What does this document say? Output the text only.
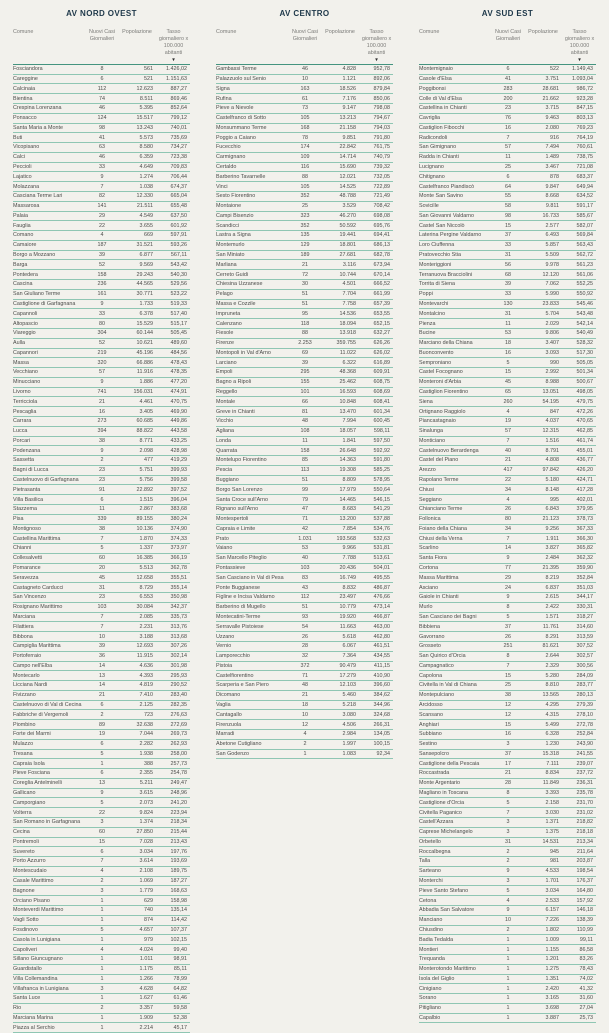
AV NORD OVEST
Comune	Nuovi Casi Giornalieri
Popolazione	Tasso giornaliero x 100.000 abitanti
▼
Fosciandora	8	561	1.426,02
Careggine	6	521	1.151,63
Calcinaia	112	12.623	887,27
Bientina	74	8.511	869,46
Crespina Lorenzana	46	5.395	852,64
Ponsacco	124	15.517	799,12
Santa Maria a Monte	98	13.243	740,01
Buti	41	5.573	735,69
Vicopisano	63	8.580	734,27
Calci	46	6.359	723,38
Peccioli	33	4.649	709,83
Lajatico	9	1.274	706,44
Molazzana	7	1.038	674,37
Casciana Terme Lari	82	12.330	665,04
Massarosa	141	21.511	655,48
Palaia	29	4.549	637,50
Fauglia	22	3.655	601,92
Comano	4	669	597,91
Camaiore	187	31.521	593,26
Borgo a Mozzano	39	6.877	567,11
Barga	52	9.569	543,42
Pontedera	158	29.243	540,30
Cascina	236	44.565	529,56
San Giuliano Terme	161	30.771	523,22
Castiglione di Garfagnana	9	1.733	519,33
Capannoli	33	6.378	517,40
Altopascio	80	15.529	515,17
Viareggio	304	60.144	505,45
Aulla	52	10.621	489,60
Capannori	219	45.196	484,56
Massa	320	66.886	478,43
Vecchiano	57	11.916	478,35
Minucciano	9	1.886	477,20
Livorno	741	156.031	474,91
Terricciola	21	4.461	470,75
Pescaglia	16	3.405	469,90
Carrara	273	60.685	449,86
Lucca	394	88.822	443,58
Porcari	38	8.771	433,25
Podenzana	9	2.098	428,98
Sassetta	2	477	419,29
Bagni di Lucca	23	5.751	399,93
Castelnuovo di Garfagnana	23	5.756	399,58
Pietrasanta	91	22.892	397,52
Villa Basilica	6	1.515	396,04
Stazzema	11	2.867	383,68
Pisa	339	89.155	380,24
Montignoso	38	10.136	374,90
Castellina Marittima	7	1.870	374,33
Chianni	5	1.337	373,97
Collesalvetti	60	16.385	366,19
Pomarance	20	5.513	362,78
Seravezza	45	12.658	355,51
Castagneto Carducci	31	8.729	355,14
San Vincenzo	23	6.553	350,98
Rosignano Marittimo	103	30.084	342,37
Marciana	7	2.085	335,73
Filattiera	7	2.231	313,76
Bibbona	10	3.188	313,68
Campiglia Marittima	39	12.693	307,26
Portoferraio	36	11.915	302,14
Campo nell'Elba	14	4.636	301,98
Montecarlo	13	4.393	295,93
Licciana Nardi	14	4.819	290,52
Fivizzano	21	7.410	283,40
Castelnuovo di Val di Cecina	6	2.125	282,35
Fabbriche di Vergemoli	2	723	276,63
Piombino	89	32.638	272,69
Forte dei Marmi	19	7.044	269,73
Mulazzo	6	2.282	262,93
Tresana	5	1.938	258,00
Capraia Isola	1	388	257,73
Pieve Fosciana	6	2.355	254,78
Coreglia Antelminelli	13	5.211	249,47
Gallicano	9	3.615	248,96
Camporgiano	5	2.073	241,20
Volterra	22	9.824	223,94
San Romano in Garfagnana	3	1.374	218,34
Cecina	60	27.850	215,44
Pontremoli	15	7.028	213,43
Suvereto	6	3.034	197,76
Porto Azzurro	7	3.614	193,69
Montescudaio	4	2.108	189,75
Casale Marittimo	2	1.069	187,27
Bagnone	3	1.779	168,63
Orciano Pisano	1	629	158,98
Monteverdi Marittimo	1	740	135,14
Vagli Sotto	1	874	114,42
Fosdinovo	5	4.657	107,37
Casola in Lunigiana	1	979	102,15
Capoliveri	4	4.024	99,40
Sillano Giuncugnano	1	1.011	98,91
Guardistallo	1	1.175	85,11
Villa Collemandina	1	1.266	78,99
Villafranca in Lunigiana	3	4.628	64,82
Santa Luce	1	1.627	61,46
Rio	2	3.357	59,58
Marciana Marina	1	1.909	52,38
Piazza al Serchio	1	2.214	45,17
AV CENTRO
Comune	Nuovi Casi Giornalieri
Popolazione	Tasso giornaliero x 100.000 abitanti
▼
Gambassi Terme	46	4.828	952,78
Palazzuolo sul Senio	10	1.121	892,06
Signa	163	18.526	879,84
Rufina	61	7.176	850,06
Pieve a Nievole	73	9.147	798,08
Castelfranco di Sotto	105	13.213	794,67
Monsummano Terme	168	21.158	794,03
Poggio a Caiano	78	9.851	791,80
Fucecchio	174	22.842	761,75
Carmignano	109	14.714	740,79
Certaldo	116	15.690	739,32
Barberino Tavarnelle	88	12.021	732,05
Vinci	105	14.525	722,89
Sesto Fiorentino	352	48.788	721,49
Montaione	25	3.529	708,42
Campi Bisenzio	323	46.270	698,08
Scandicci	352	50.592	695,76
Lastra a Signa	135	19.441	694,41
Montemurlo	129	18.801	686,13
San Miniato	189	27.681	682,78
Marliana	21	3.116	673,94
Cerreto Guidi	72	10.744	670,14
Chiesina Uzzanese	30	4.501	666,52
Pelago	51	7.704	661,99
Massa e Cozzile	51	7.758	657,39
Impruneta	95	14.536	653,55
Calenzano	118	18.094	652,15
Fiesole	88	13.918	632,27
Firenze	2.253	359.755	626,26
Montopoli in Val d'Arno	69	11.022	626,02
Larciano	39	6.322	616,89
Empoli	295	48.368	609,91
Bagno a Ripoli	155	25.462	608,75
Reggello	101	16.593	608,69
Montale	66	10.848	608,41
Greve in Chianti	81	13.470	601,34
Vicchio	48	7.994	600,45
Agliana	108	18.057	598,11
Londa	11	1.841	597,50
Quarrata	158	26.648	592,92
Montelupo Fiorentino	85	14.363	591,80
Pescia	113	19.308	585,25
Buggiano	51	8.809	578,95
Borgo San Lorenzo	99	17.979	550,64
Santa Croce sull'Arno	79	14.465	546,15
Rignano sull'Arno	47	8.683	541,29
Montespertoli	71	13.200	537,88
Capraia e Limite	42	7.854	534,76
Prato	1.031	193.568	532,63
Vaiano	53	9.966	531,81
San Marcello Piteglio	40	7.788	513,61
Pontassieve	103	20.436	504,01
San Casciano in Val di Pesa	83	16.749	495,55
Ponte Buggianese	43	8.832	486,87
Figline e Incisa Valdarno	112	23.497	476,66
Barberino di Mugello	51	10.779	473,14
Montecatini-Terme	93	19.920	466,87
Serravalle Pistoiese	54	11.663	463,00
Uzzano	26	5.618	462,80
Vernio	28	6.067	461,51
Lamporecchio	32	7.364	434,55
Pistoia	372	90.479	411,15
Castelfiorentino	71	17.279	410,90
Scarperia e San Piero	48	12.103	396,60
Dicomano	21	5.460	384,62
Vaglia	18	5.218	344,96
Cantagallo	10	3.080	324,68
Firenzuola	12	4.506	266,31
Marradi	4	2.984	134,05
Abetone Cutigliano	2	1.997	100,15
San Godenzo	1	1.083	92,34
AV SUD EST
Comune	Nuovi Casi Giornalieri
Popolazione	Tasso giornaliero x 100.000 abitanti
▼
Montemignaio	6	522	1.149,43
Casole d'Elsa	41	3.751	1.093,04
Poggibonsi	283	28.681	986,72
Colle di Val d'Elsa	200	21.662	923,28
Castellina in Chianti	23	3.715	847,15
Cavriglia	76	9.463	803,13
Castiglion Fibocchi	16	2.080	769,23
Radicondoli	7	916	764,19
San Gimignano	57	7.494	760,61
Radda in Chianti	11	1.489	738,75
Lucignano	25	3.467	721,08
Chitignano	6	878	683,37
Castelfranco Piandiscò	64	9.847	649,94
Monte San Savino	55	8.668	634,52
Sovicille	58	9.811	591,17
San Giovanni Valdarno	98	16.733	585,67
Castel San Niccolò	15	2.577	582,07
Laterina Pergine Valdarno	37	6.493	569,84
Loro Ciuffenna	33	5.857	563,43
Pratovecchio Stia	31	5.509	562,72
Monteriggioni	56	9.978	561,23
Terranuova Bracciolini	68	12.120	561,06
Torrita di Siena	39	7.062	552,25
Poppi	33	5.990	550,92
Montevarchi	130	23.833	545,46
Montalcino	31	5.704	543,48
Pienza	11	2.029	542,14
Bucine	53	9.806	540,49
Marciano della Chiana	18	3.407	528,32
Buonconvento	16	3.093	517,30
Semproniano	5	990	505,05
Castel Focognano	15	2.992	501,34
Monteroni d'Arbia	45	8.988	500,67
Castiglion Fiorentino	65	13.051	498,05
Siena	260	54.195	479,75
Ortignano Raggiolo	4	847	472,26
Piancastagnaio	19	4.037	470,65
Sinalunga	57	12.315	462,85
Monticiano	7	1.516	461,74
Castelnuovo Berardenga	40	8.791	455,01
Castel del Piano	21	4.808	436,77
Arezzo	417	97.842	426,20
Rapolano Terme	22	5.180	424,71
Chiusi	34	8.148	417,28
Seggiano	4	995	402,01
Chianciano Terme	26	6.843	379,95
Follonica	80	21.123	378,73
Foiano della Chiana	34	9.256	367,33
Chiusi della Verna	7	1.911	366,30
Scarlino	14	3.827	365,82
Santa Fiora	9	2.484	362,32
Cortona	77	21.395	359,90
Massa Marittima	29	8.219	352,84
Asciano	24	6.837	351,03
Gaiole in Chianti	9	2.615	344,17
Murlo	8	2.422	330,31
San Casciano dei Bagni	5	1.571	318,27
Bibbiena	37	11.761	314,60
Gavorrano	26	8.291	313,59
Grosseto	251	81.621	307,52
San Quirico d'Orcia	8	2.644	302,57
Campagnatico	7	2.329	300,56
Capolona	15	5.280	284,09
Civitella in Val di Chiana	25	8.810	283,77
Montepulciano	38	13.565	280,13
Arcidosso	12	4.295	279,39
Scansano	12	4.315	278,10
Anghiari	15	5.499	272,78
Subbiano	16	6.328	252,84
Sestino	3	1.230	243,90
Sansepolcro	37	15.318	241,55
Castiglione della Pescaia	17	7.111	239,07
Roccastrada	21	8.834	237,72
Monte Argentario	28	11.849	236,31
Magliano in Toscana	8	3.393	235,78
Castiglione d'Orcia	5	2.158	231,70
Civitella Paganico	7	3.030	231,02
Castell'Azzara	3	1.371	218,82
Caprese Michelangelo	3	1.375	218,18
Orbetello	31	14.531	213,34
Roccalbegna	2	945	211,64
Talla	2	981	203,87
Sarteano	9	4.533	198,54
Monterchi	3	1.701	176,37
Pieve Santo Stefano	5	3.034	164,80
Cetona	4	2.533	157,92
Abbadia San Salvatore	9	6.157	146,18
Manciano	10	7.226	138,39
Chiusdino	2	1.802	110,99
Badia Tedalda	1	1.009	99,11
Montieri	1	1.155	86,58
Trequanda	1	1.201	83,26
Monterotondo Marittimo	1	1.275	78,43
Isola del Giglio	1	1.351	74,02
Cinigiano	1	2.420	41,32
Sorano	1	3.165	31,60
Pitigliano	1	3.698	27,04
Capalbio	1	3.887	25,73
